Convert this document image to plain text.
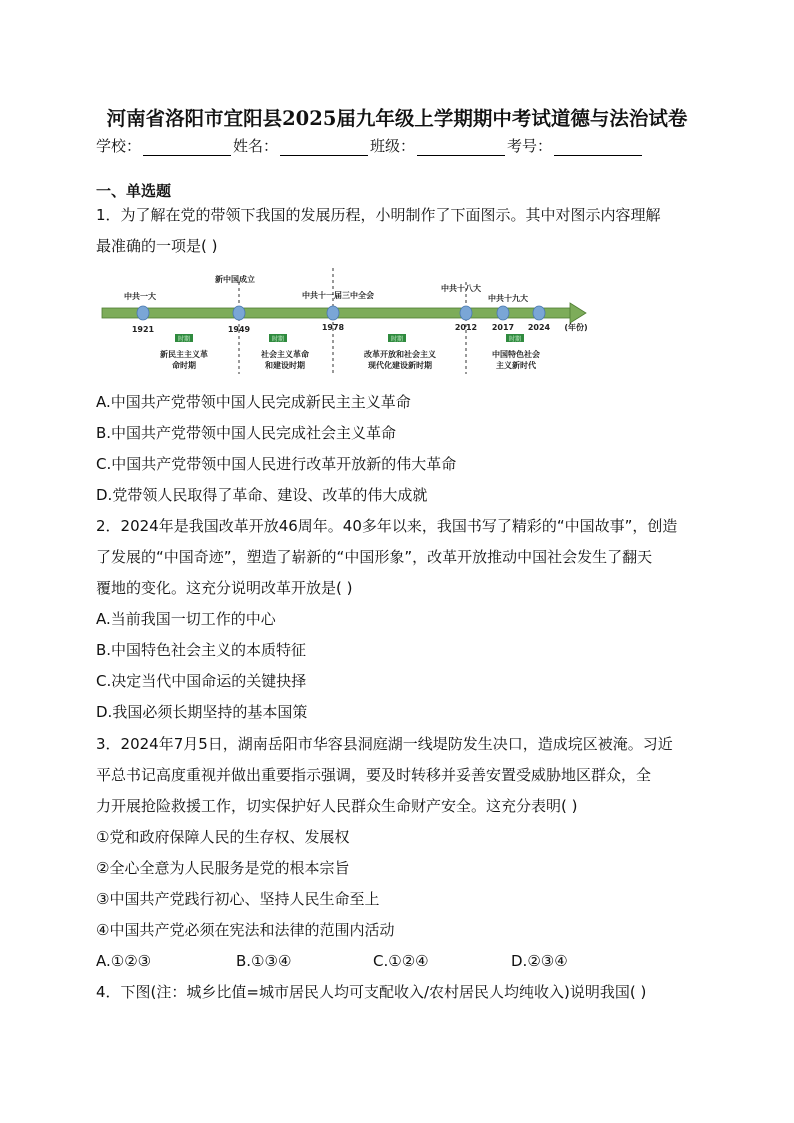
河南省洛阳市宜阳县2025届九年级上学期期中考试道德与法治试卷
学校：	姓名：	班级：	考号：
一、单选题
1．为了解在党的带领下我国的发展历程，小明制作了下面图示。其中对图示内容理解
最准确的一项是( )
中共一大
新中国成立
中共十一届三中全会
中共十八大
中共十九大
1921	1949	1978	2012 2017 2024 (年份)
时期	时期	时期	时期
新民主主义革
命时期
社会主义革命
和建设时期
改革开放和社会主义
现代化建设新时期
中国特色社会
主义新时代
A.中国共产党带领中国人民完成新民主主义革命
B.中国共产党带领中国人民完成社会主义革命
C.中国共产党带领中国人民进行改革开放新的伟大革命
D.党带领人民取得了革命、建设、改革的伟大成就
2．2024年是我国改革开放46周年。40多年以来，我国书写了精彩的“中国故事”，创造
了发展的“中国奇迹”，塑造了崭新的“中国形象”，改革开放推动中国社会发生了翻天
覆地的变化。这充分说明改革开放是( )
A.当前我国一切工作的中心
B.中国特色社会主义的本质特征
C.决定当代中国命运的关键抉择
D.我国必须长期坚持的基本国策
3．2024年7月5日，湖南岳阳市华容县洞庭湖一线堤防发生决口，造成垸区被淹。习近
平总书记高度重视并做出重要指示强调，要及时转移并妥善安置受威胁地区群众，全
力开展抢险救援工作，切实保护好人民群众生命财产安全。这充分表明( )
①党和政府保障人民的生存权、发展权
②全心全意为人民服务是党的根本宗旨
③中国共产党践行初心、坚持人民生命至上
④中国共产党必须在宪法和法律的范围内活动
A.①②③	B.①③④	C.①②④	D.②③④
4．下图(注：城乡比值=城市居民人均可支配收入/农村居民人均纯收入)说明我国( )
